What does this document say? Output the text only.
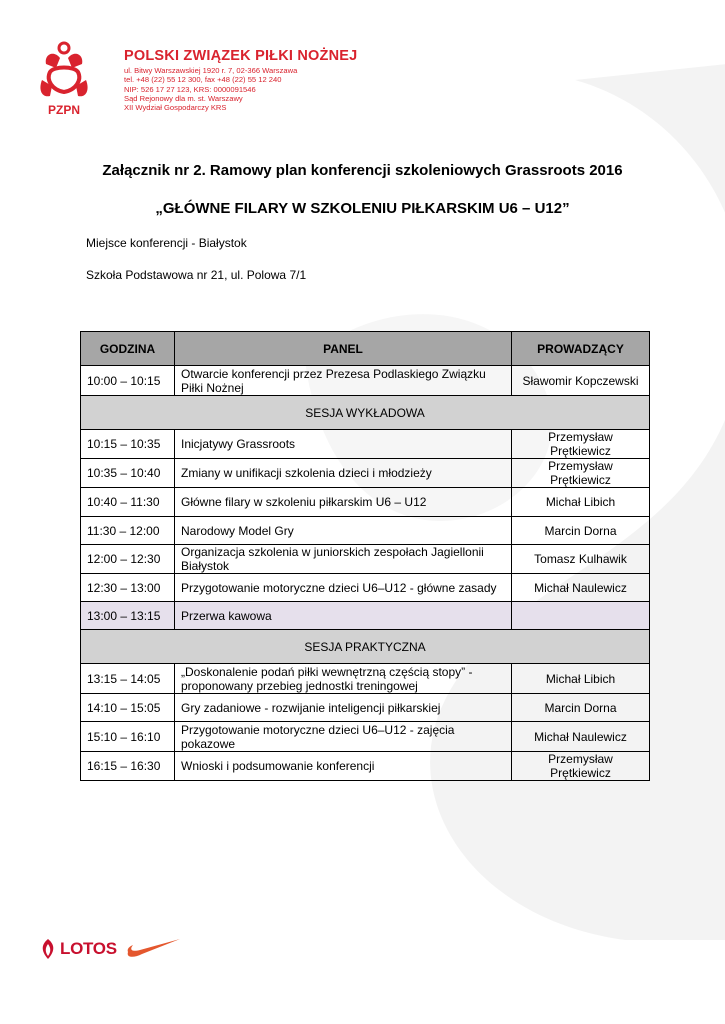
PZPN
POLSKI ZWIĄZEK PIŁKI NOŻNEJ
ul. Bitwy Warszawskiej 1920 r. 7, 02-366 Warszawa
tel. +48 (22) 55 12 300, fax +48 (22) 55 12 240
NIP: 526 17 27 123, KRS: 0000091546
Sąd Rejonowy dla m. st. Warszawy
XII Wydział Gospodarczy KRS
Załącznik nr 2. Ramowy plan konferencji szkoleniowych Grassroots 2016
„GŁÓWNE FILARY W SZKOLENIU PIŁKARSKIM U6 – U12”
Miejsce konferencji - Białystok
Szkoła Podstawowa nr 21, ul. Polowa 7/1
GODZINA	PANEL	PROWADZĄCY
10:00 – 10:15	Otwarcie konferencji przez Prezesa Podlaskiego Związku Piłki Nożnej	Sławomir Kopczewski
SESJA WYKŁADOWA		
10:15 – 10:35	Inicjatywy Grassroots	Przemysław Prętkiewicz
10:35 – 10:40	Zmiany w unifikacji szkolenia dzieci i młodzieży	Przemysław Prętkiewicz
10:40 – 11:30	Główne filary w szkoleniu piłkarskim U6 – U12	Michał Libich
11:30 – 12:00	Narodowy Model Gry	Marcin Dorna
12:00 – 12:30	Organizacja szkolenia w juniorskich zespołach Jagiellonii Białystok	Tomasz Kulhawik
12:30 – 13:00	Przygotowanie motoryczne dzieci U6–U12 - główne zasady	Michał Naulewicz
13:00 – 13:15	Przerwa kawowa	
SESJA PRAKTYCZNA		
13:15 – 14:05	„Doskonalenie podań piłki wewnętrzną częścią stopy” - proponowany przebieg jednostki treningowej	Michał Libich
14:10 – 15:05	Gry zadaniowe - rozwijanie inteligencji piłkarskiej	Marcin Dorna
15:10 – 16:10	Przygotowanie motoryczne dzieci U6–U12 - zajęcia pokazowe	Michał Naulewicz
16:15 – 16:30	Wnioski i podsumowanie konferencji	Przemysław Prętkiewicz
LOTOS
